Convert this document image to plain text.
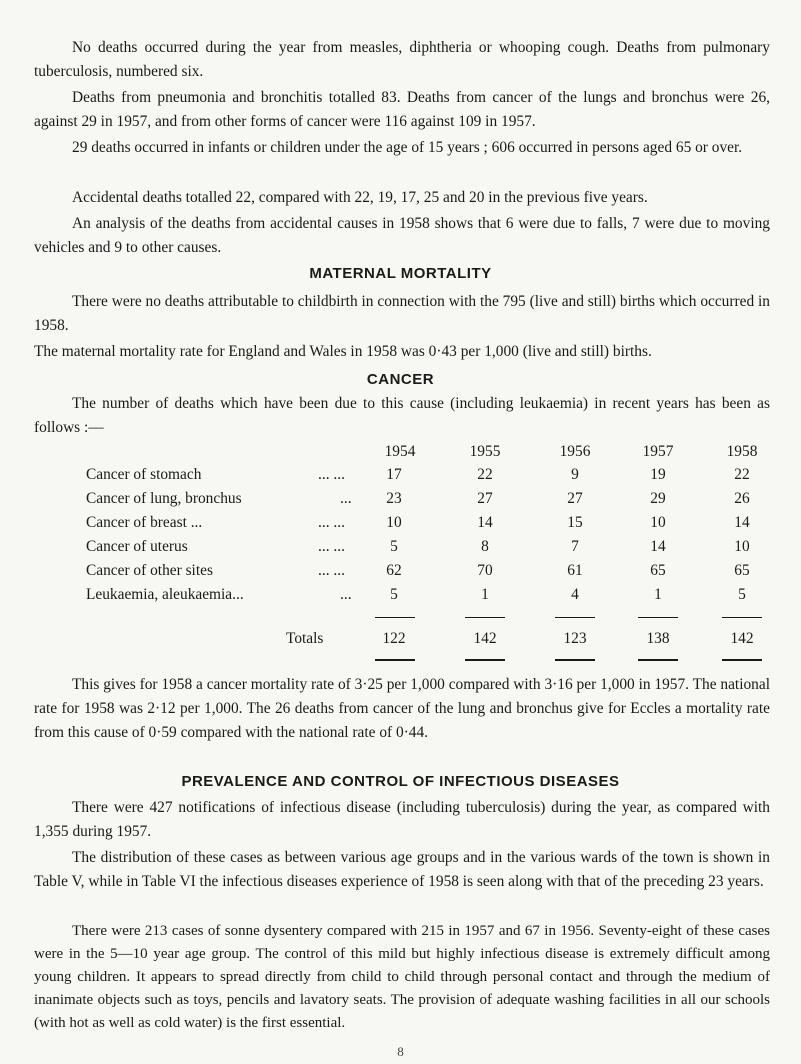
No deaths occurred during the year from measles, diphtheria or whooping cough. Deaths from pulmonary tuberculosis, numbered six.

Deaths from pneumonia and bronchitis totalled 83. Deaths from cancer of the lungs and bronchus were 26, against 29 in 1957, and from other forms of cancer were 116 against 109 in 1957.

29 deaths occurred in infants or children under the age of 15 years ; 606 occurred in persons aged 65 or over.

Accidental deaths totalled 22, compared with 22, 19, 17, 25 and 20 in the previous five years.

An analysis of the deaths from accidental causes in 1958 shows that 6 were due to falls, 7 were due to moving vehicles and 9 to other causes.

MATERNAL MORTALITY

There were no deaths attributable to childbirth in connection with the 795 (live and still) births which occurred in 1958.

The maternal mortality rate for England and Wales in 1958 was 0·43 per 1,000 (live and still) births.

CANCER

The number of deaths which have been due to this cause (including leukaemia) in recent years has been as follows :—

1954	1955	1956	1957	1958
Cancer of stomach	... ...	17	22	9	19	22
Cancer of lung, bronchus	...	23	27	27	29	26
Cancer of breast ...	... ...	10	14	15	10	14
Cancer of uterus	... ...	5	8	7	14	10
Cancer of other sites	... ...	62	70	61	65	65
Leukaemia, aleukaemia...	...	5	1	4	1	5
Totals	122	142	123	138	142

This gives for 1958 a cancer mortality rate of 3·25 per 1,000 compared with 3·16 per 1,000 in 1957. The national rate for 1958 was 2·12 per 1,000. The 26 deaths from cancer of the lung and bronchus give for Eccles a mortality rate from this cause of 0·59 compared with the national rate of 0·44.

PREVALENCE AND CONTROL OF INFECTIOUS DISEASES

There were 427 notifications of infectious disease (including tuberculosis) during the year, as compared with 1,355 during 1957.

The distribution of these cases as between various age groups and in the various wards of the town is shown in Table V, while in Table VI the infectious diseases experience of 1958 is seen along with that of the preceding 23 years.

There were 213 cases of sonne dysentery compared with 215 in 1957 and 67 in 1956. Seventy-eight of these cases were in the 5—10 year age group. The control of this mild but highly infectious disease is extremely difficult among young children. It appears to spread directly from child to child through personal contact and through the medium of inanimate objects such as toys, pencils and lavatory seats. The provision of adequate washing facilities in all our schools (with hot as well as cold water) is the first essential.

8
